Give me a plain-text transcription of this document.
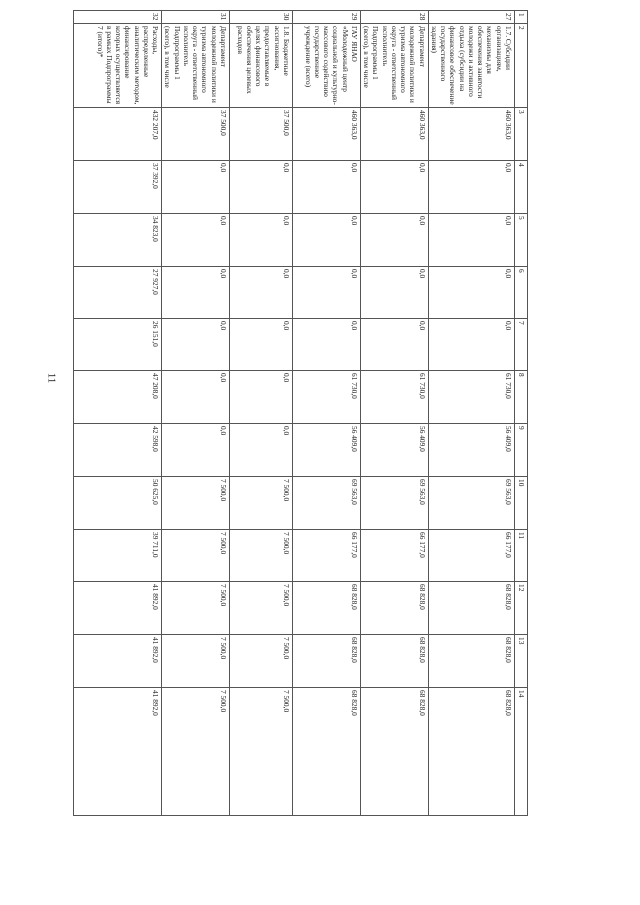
11
1	2	3	4	5	6	7	8	9	10	11	12	13	14
27	1.7. Субсидии организациям, механизмы для обеспечения занятости молодежи и активного отдыха (субсидии на финансовое обеспечение государственного задания)	460 363,0	0,0	0,0	0,0	0,0	61 730,0	56 409,0	69 563,0	66 177,0	68 828,0	68 828,0	68 828,0
28	Департамент молодежной политики и туризма автономного округа - ответственный исполнитель Подпрограммы 1 (всего), в том числе	460 363,0	0,0	0,0	0,0	0,0	61 730,0	56 409,0	69 563,0	66 177,0	68 828,0	68 828,0	68 828,0
29	ГАУ ЯНАО «Молодежный центр социальной и культурно-массового содействию государственное учреждение (всего)	460 363,0	0,0	0,0	0,0	0,0	61 730,0	56 409,0	69 563,0	66 177,0	68 828,0	68 828,0	68 828,0
30	1.8. Бюджетные ассигнования, предоставляемые в целях финансового обеспечения целевых расходов	37 500,0	0,0	0,0	0,0	0,0	0,0	0,0	7 500,0	7 500,0	7 500,0	7 500,0	7 500,0
31	Департамент молодежной политики и туризма автономного округа - ответственный исполнитель Подпрограммы 1 (всего), в том числе	37 500,0	0,0	0,0	0,0	0,0	0,0	0,0	7 500,0	7 500,0	7 500,0	7 500,0	7 500,0
32	Расходы, распределенные аналитическим методом, финансирование которых осуществляется в рамках Подпрограммы 7 (итого)*	432 207,0	37 392,0	34 823,0	27 927,0	26 151,0	47 208,0	42 598,0	50 625,0	39 711,0	41 892,0	41 892,0	41 892,0
